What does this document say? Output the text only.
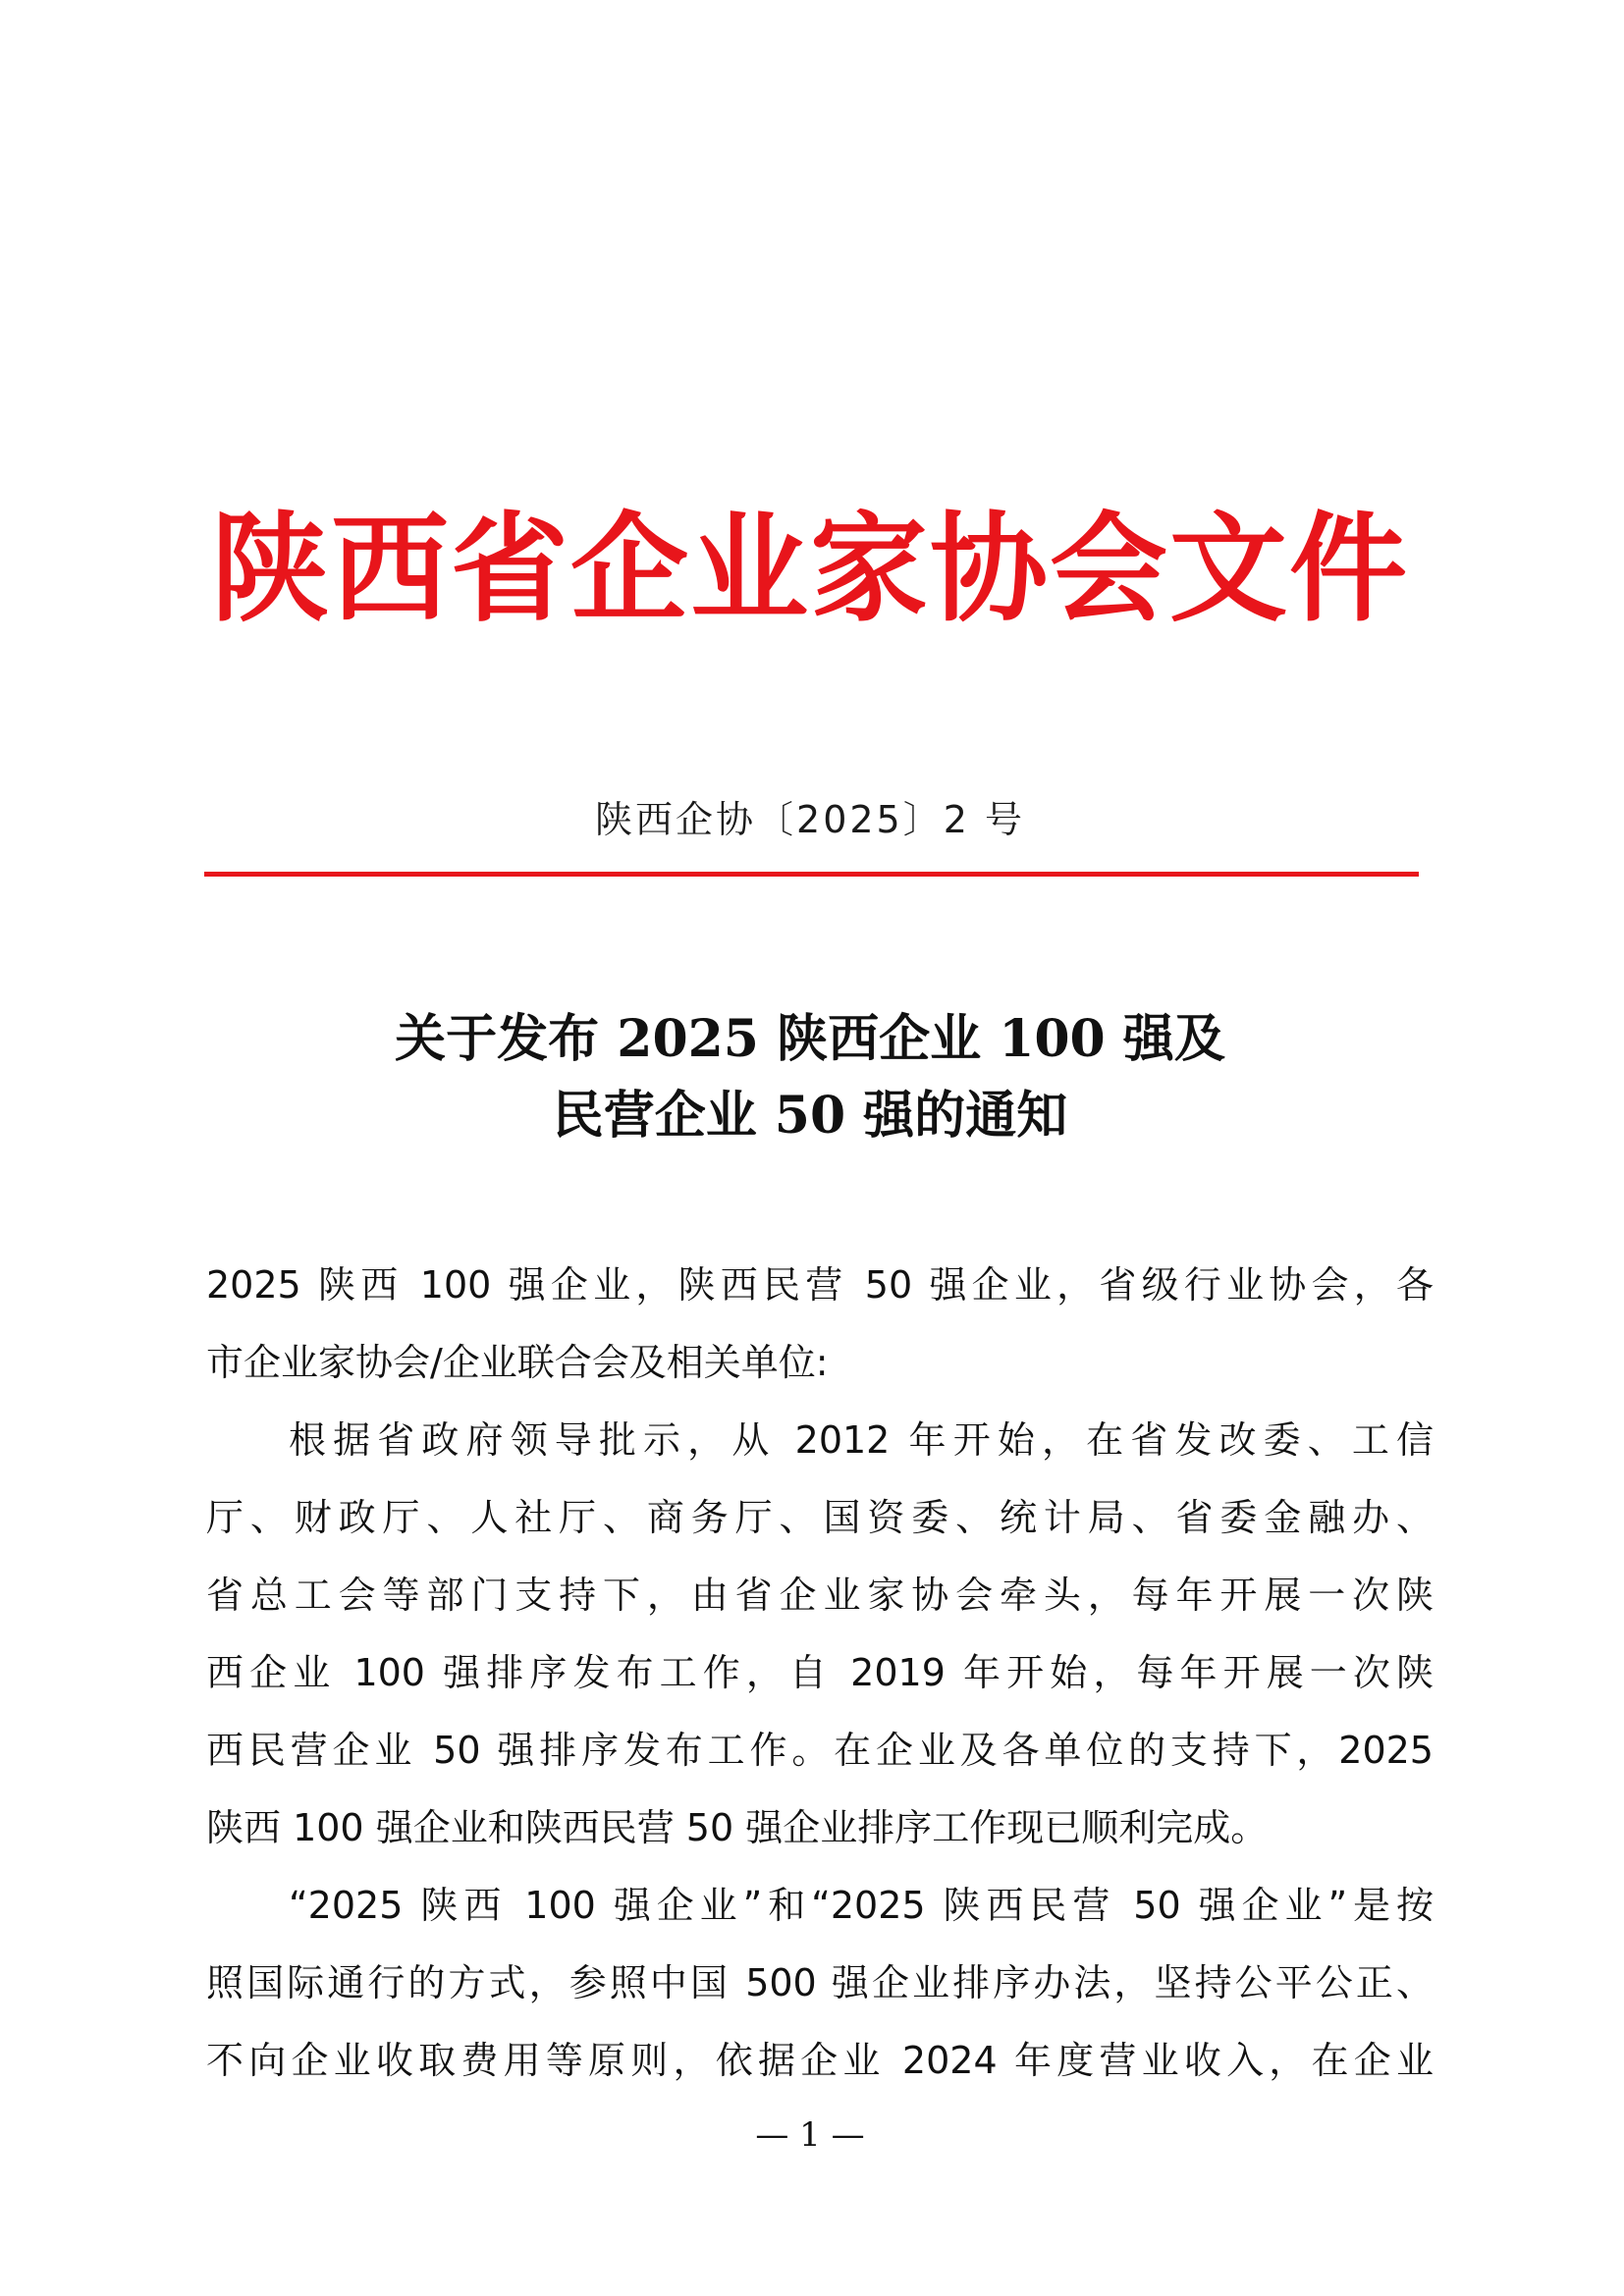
陕西省企业家协会文件
陕西企协〔2025〕2 号
关于发布 2025 陕西企业 100 强及
民营企业 50 强的通知
2025 陕西 100 强企业，陕西民营 50 强企业，省级行业协会，各
市企业家协会/企业联合会及相关单位:
根据省政府领导批示，从 2012 年开始，在省发改委、工信
厅、财政厅、人社厅、商务厅、国资委、统计局、省委金融办、
省总工会等部门支持下，由省企业家协会牵头，每年开展一次陕
西企业 100 强排序发布工作，自 2019 年开始，每年开展一次陕
西民营企业 50 强排序发布工作。在企业及各单位的支持下，2025
陕西 100 强企业和陕西民营 50 强企业排序工作现已顺利完成。
“2025 陕西 100 强企业”和“2025 陕西民营 50 强企业”是按
照国际通行的方式，参照中国 500 强企业排序办法，坚持公平公正、
不向企业收取费用等原则，依据企业 2024 年度营业收入，在企业
— 1 —
